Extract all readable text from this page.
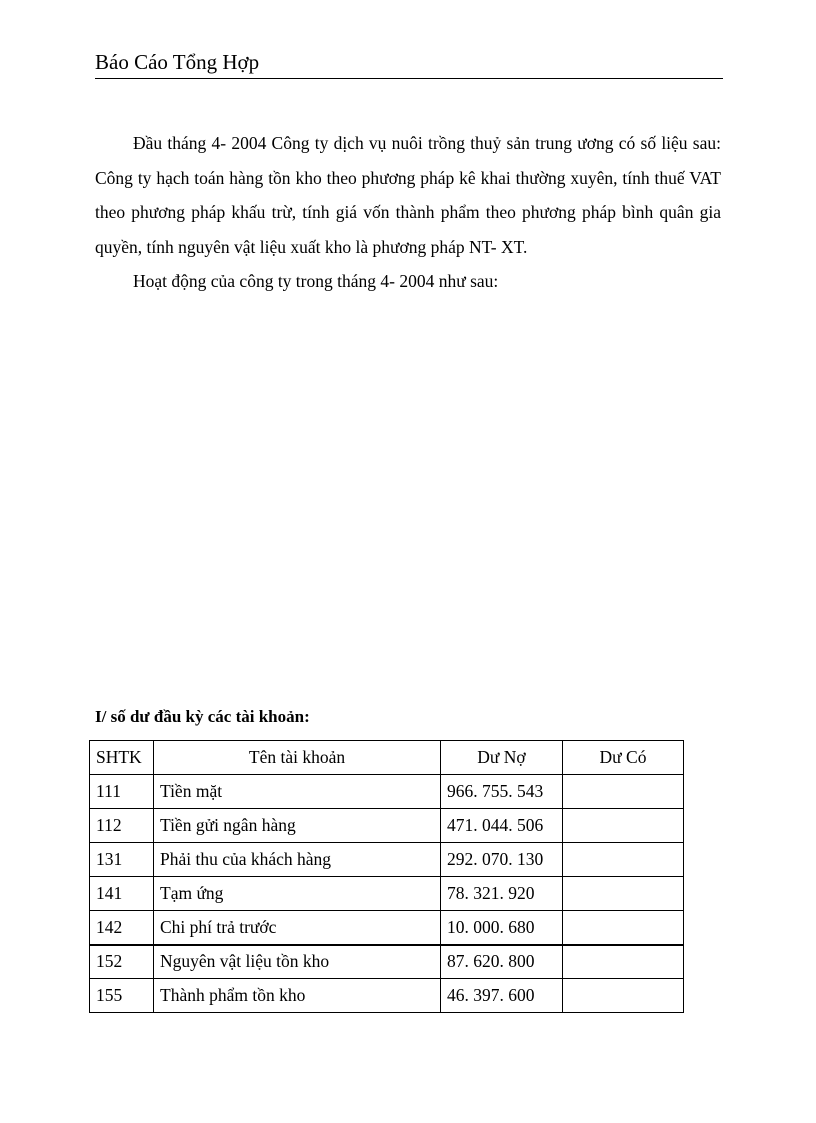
Báo Cáo Tổng Hợp

Đầu tháng 4- 2004 Công ty dịch vụ nuôi trồng thuỷ sản trung ương có số liệu sau: Công ty hạch toán hàng tồn kho theo phương pháp kê khai thường xuyên, tính thuế VAT theo phương pháp khấu trừ, tính giá vốn thành phẩm theo phương pháp bình quân gia quyền, tính nguyên vật liệu xuất kho là phương pháp NT- XT.

Hoạt động của công ty trong tháng 4- 2004 như sau:

I/ số dư đầu kỳ các tài khoản:
SHTK	Tên tài khoản	Dư Nợ	Dư Có
111	Tiền mặt	966. 755. 543	
112	Tiền gửi ngân hàng	471. 044. 506	
131	Phải thu của khách hàng	292. 070. 130	
141	Tạm ứng	78. 321. 920	
142	Chi phí trả trước	10. 000. 680	
152	Nguyên vật liệu tồn kho	87. 620. 800	
155	Thành phẩm tồn kho	46. 397. 600	
